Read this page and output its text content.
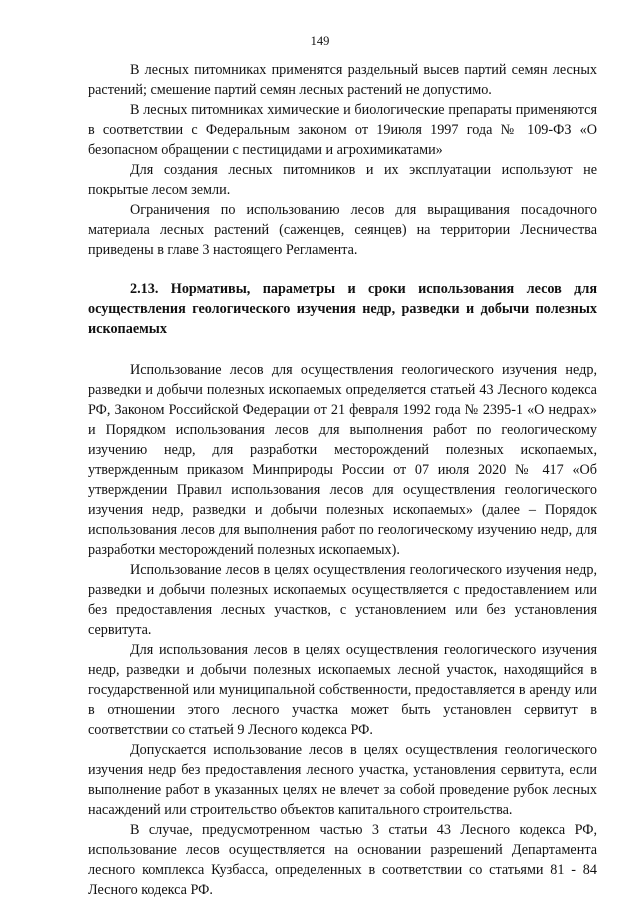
149

В лесных питомниках применятся раздельный высев партий семян лесных растений; смешение партий семян лесных растений не допустимо.

В лесных питомниках химические и биологические препараты применяются в соответствии с Федеральным законом от 19июля 1997 года № 109-ФЗ «О безопасном обращении с пестицидами и агрохимикатами»

Для создания лесных питомников и их эксплуатации используют не покрытые лесом земли.

Ограничения по использованию лесов для выращивания посадочного материала лесных растений (саженцев, сеянцев) на территории Лесничества приведены в главе 3 настоящего Регламента.

2.13. Нормативы, параметры и сроки использования лесов для осуществления геологического изучения недр, разведки и добычи полезных ископаемых

Использование лесов для осуществления геологического изучения недр, разведки и добычи полезных ископаемых определяется статьей 43 Лесного кодекса РФ, Законом Российской Федерации от 21 февраля 1992 года № 2395-1 «О недрах» и Порядком использования лесов для выполнения работ по геологическому изучению недр, для разработки месторождений полезных ископаемых, утвержденным приказом Минприроды России от 07 июля 2020 № 417 «Об утверждении Правил использования лесов для осуществления геологического изучения недр, разведки и добычи полезных ископаемых» (далее – Порядок использования лесов для выполнения работ по геологическому изучению недр, для разработки месторождений полезных ископаемых).

Использование лесов в целях осуществления геологического изучения недр, разведки и добычи полезных ископаемых осуществляется с предоставлением или без предоставления лесных участков, с установлением или без установления сервитута.

Для использования лесов в целях осуществления геологического изучения недр, разведки и добычи полезных ископаемых лесной участок, находящийся в государственной или муниципальной собственности, предоставляется в аренду или в отношении этого лесного участка может быть установлен сервитут в соответствии со статьей 9 Лесного кодекса РФ.

Допускается использование лесов в целях осуществления геологического изучения недр без предоставления лесного участка, установления сервитута, если выполнение работ в указанных целях не влечет за собой проведение рубок лесных насаждений или строительство объектов капитального строительства.

В случае, предусмотренном частью 3 статьи 43 Лесного кодекса РФ, использование лесов осуществляется на основании разрешений Департамента лесного комплекса Кузбасса, определенных в соответствии со статьями 81 - 84 Лесного кодекса РФ.
